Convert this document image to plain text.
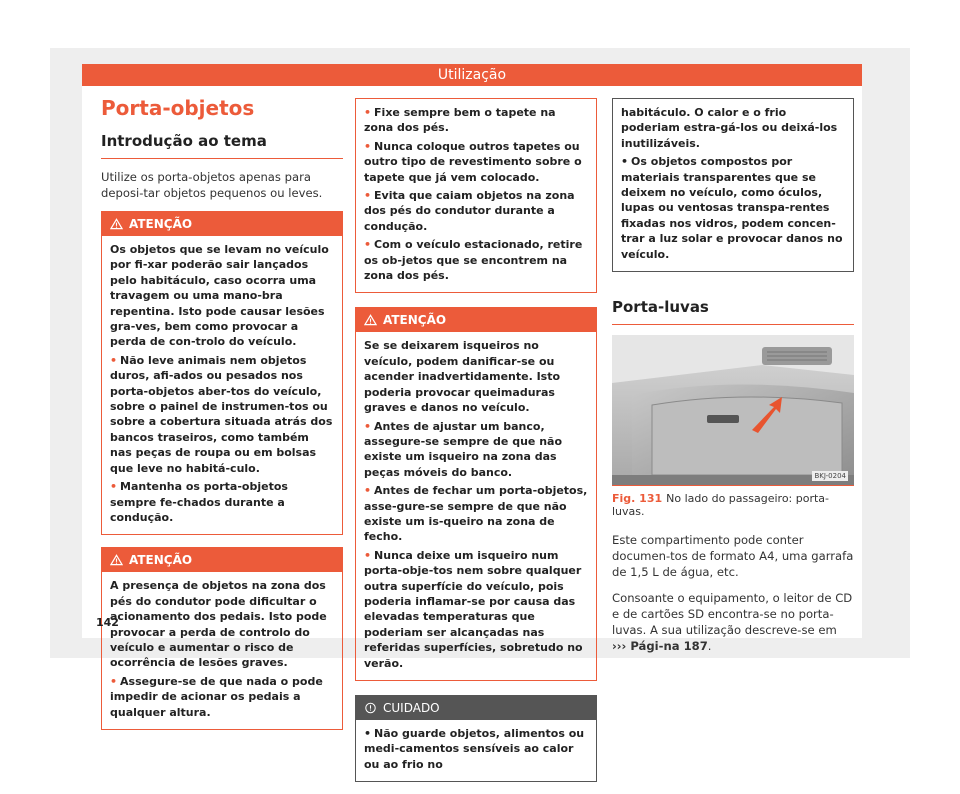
Utilização
Porta-objetos
Introdução ao tema

Utilize os porta-objetos apenas para deposi-tar objetos pequenos ou leves.

ATENÇÃO

Os objetos que se levam no veículo por fi-xar poderão sair lançados pelo habitáculo, caso ocorra uma travagem ou uma mano-bra repentina. Isto pode causar lesões gra-ves, bem como provocar a perda de con-trolo do veículo.

• Não leve animais nem objetos duros, afi-ados ou pesados nos porta-objetos aber-tos do veículo, sobre o painel de instrumen-tos ou sobre a cobertura situada atrás dos bancos traseiros, como também nas peças de roupa ou em bolsas que leve no habitá-culo.

• Mantenha os porta-objetos sempre fe-chados durante a condução.

ATENÇÃO

A presença de objetos na zona dos pés do condutor pode dificultar o acionamento dos pedais. Isto pode provocar a perda de controlo do veículo e aumentar o risco de ocorrência de lesões graves.

• Assegure-se de que nada o pode impedir de acionar os pedais a qualquer altura.

• Fixe sempre bem o tapete na zona dos pés.

• Nunca coloque outros tapetes ou outro tipo de revestimento sobre o tapete que já vem colocado.

• Evita que caiam objetos na zona dos pés do condutor durante a condução.

• Com o veículo estacionado, retire os ob-jetos que se encontrem na zona dos pés.

ATENÇÃO

Se se deixarem isqueiros no veículo, podem danificar-se ou acender inadvertidamente. Isto poderia provocar queimaduras graves e danos no veículo.

• Antes de ajustar um banco, assegure-se sempre de que não existe um isqueiro na zona das peças móveis do banco.

• Antes de fechar um porta-objetos, asse-gure-se sempre de que não existe um is-queiro na zona de fecho.

• Nunca deixe um isqueiro num porta-obje-tos nem sobre qualquer outra superfície do veículo, pois poderia inflamar-se por causa das elevadas temperaturas que poderiam ser alcançadas nas referidas superfícies, sobretudo no verão.

CUIDADO

• Não guarde objetos, alimentos ou medi-camentos sensíveis ao calor ou ao frio no

habitáculo. O calor e o frio poderiam estra-gá-los ou deixá-los inutilizáveis.

• Os objetos compostos por materiais transparentes que se deixem no veículo, como óculos, lupas ou ventosas transpa-rentes fixadas nos vidros, podem concen-trar a luz solar e provocar danos no veículo.

Porta-luvas
BKJ-0204
Fig. 131 No lado do passageiro: porta-luvas.

Este compartimento pode conter documen-tos de formato A4, uma garrafa de 1,5 L de água, etc.

Consoante o equipamento, o leitor de CD e de cartões SD encontra-se no porta-luvas. A sua utilização descreve-se em ››› Pági-na 187.

142
